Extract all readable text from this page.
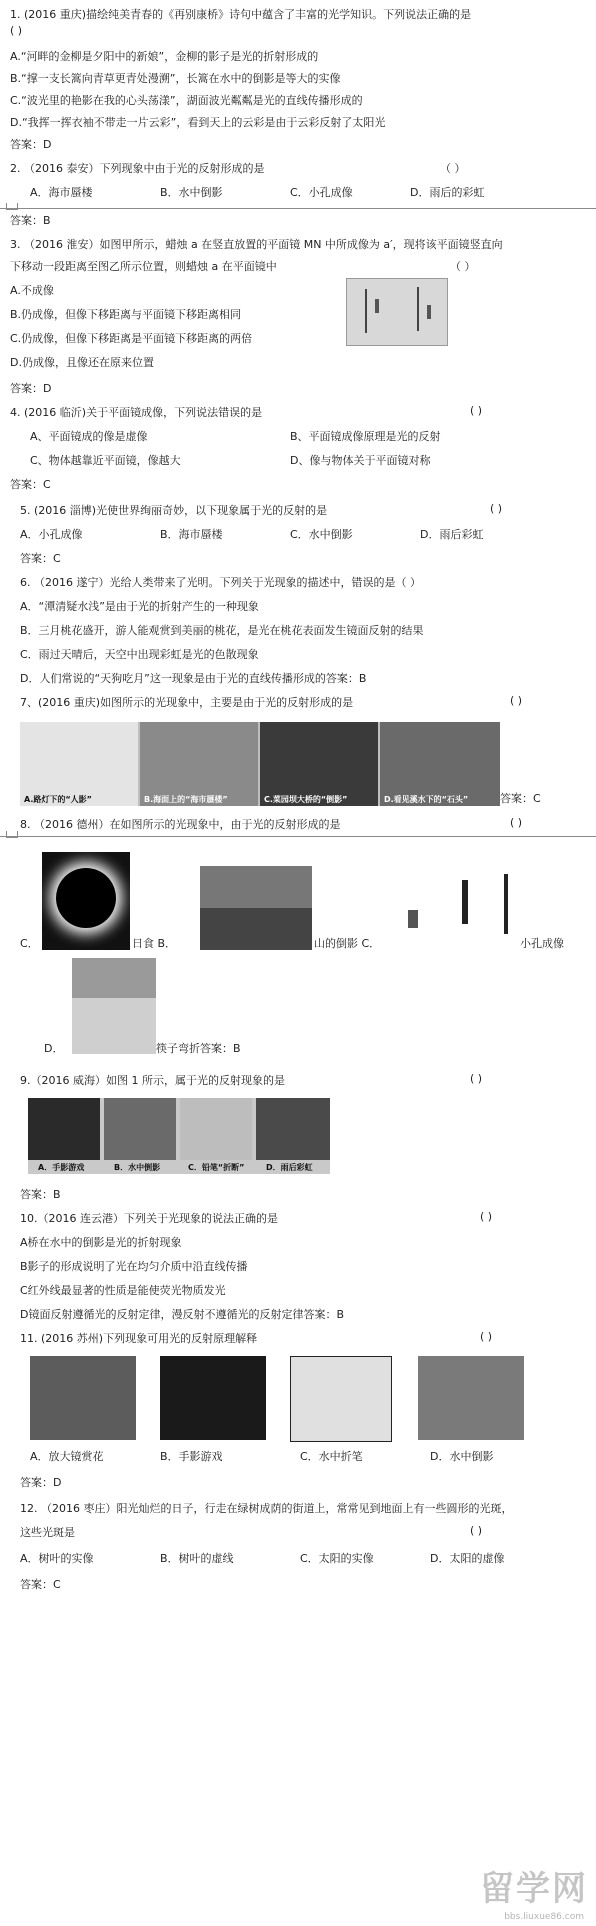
1. (2016 重庆)描绘纯美青春的《再别康桥》诗句中蕴含了丰富的光学知识。下列说法正确的是
( )
A.“河畔的金柳是夕阳中的新娘”，金柳的影子是光的折射形成的
B.“撑一支长篙向青草更青处漫溯”，长篙在水中的倒影是等大的实像
C.“波光里的艳影在我的心头荡漾”，湖面波光粼粼是光的直线传播形成的
D.“我挥一挥衣袖不带走一片云彩”，看到天上的云彩是由于云彩反射了太阳光
答案：D
2. （2016 泰安）下列现象中由于光的反射形成的是	（ ）
A．海市蜃楼	B．水中倒影	C．小孔成像	D．雨后的彩虹
答案：B
3. （2016 淮安）如图甲所示，蜡烛 a 在竖直放置的平面镜 MN 中所成像为 a′，现将该平面镜竖直向
下移动一段距离至图乙所示位置，则蜡烛 a 在平面镜中	（ ）
A.不成像
B.仍成像，但像下移距离与平面镜下移距离相同
C.仍成像，但像下移距离是平面镜下移距离的两倍
D.仍成像，且像还在原来位置
答案：D
4. (2016 临沂)关于平面镜成像，下列说法错误的是	( )
A、平面镜成的像是虚像	B、平面镜成像原理是光的反射
C、物体越靠近平面镜，像越大	D、像与物体关于平面镜对称
答案：C
5. (2016 淄博)光使世界绚丽奇妙，以下现象属于光的反射的是	( )
A．小孔成像	B．海市蜃楼	C．水中倒影	D．雨后彩虹
答案：C
6. （2016 遂宁）光给人类带来了光明。下列关于光现象的描述中，错误的是（ ）
A．“潭清疑水浅”是由于光的折射产生的一种现象
B．三月桃花盛开，游人能观赏到美丽的桃花，是光在桃花表面发生镜面反射的结果
C．雨过天晴后，天空中出现彩虹是光的色散现象
D．人们常说的“天狗吃月”这一现象是由于光的直线传播形成的答案：B
7、(2016 重庆)如图所示的光现象中，主要是由于光的反射形成的是	( )
A.路灯下的“人影”	B.海面上的“海市蜃楼”	C.菜园坝大桥的“倒影”	D.看见溪水下的“石头”	答案：C
8. （2016 德州）在如图所示的光现象中，由于光的反射形成的是	( )
C．	日食 B．	山的倒影 C．	小孔成像
D．	筷子弯折答案：B
9.（2016 威海）如图 1 所示，属于光的反射现象的是	( )
A．手影游戏	B．水中倒影	C．铅笔“折断”	D．雨后彩虹
答案：B
10.（2016 连云港）下列关于光现象的说法正确的是	( )
A桥在水中的倒影是光的折射现象
B影子的形成说明了光在均匀介质中沿直线传播
C红外线最显著的性质是能使荧光物质发光
D镜面反射遵循光的反射定律，漫反射不遵循光的反射定律答案：B
11. (2016 苏州)下列现象可用光的反射原理解释	( )
A．放大镜赏花	B．手影游戏	C．水中折笔	D．水中倒影
答案：D
12. （2016 枣庄）阳光灿烂的日子，行走在绿树成荫的街道上，常常见到地面上有一些圆形的光斑，
这些光斑是	( )
A．树叶的实像	B．树叶的虚线	C．太阳的实像	D．太阳的虚像
答案：C
留学网
bbs.liuxue86.com
